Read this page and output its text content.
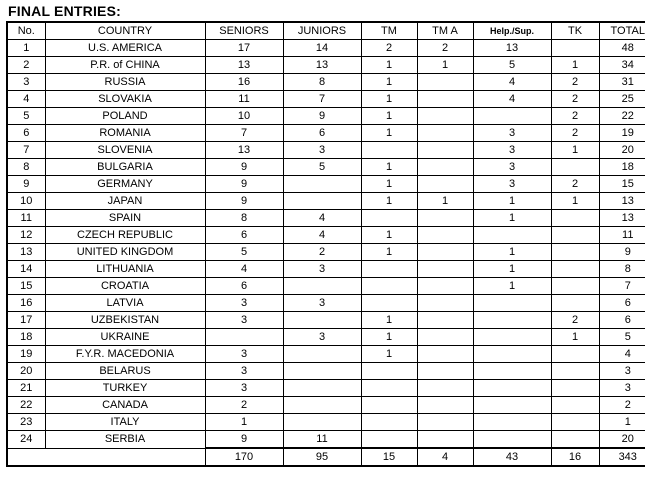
FINAL ENTRIES:
No.	COUNTRY	SENIORS	JUNIORS	TM	TM A	Help./Sup.	TK	TOTAL
1	U.S. AMERICA	17	14	2	2	13		48
2	P.R. of CHINA	13	13	1	1	5	1	34
3	RUSSIA	16	8	1		4	2	31
4	SLOVAKIA	11	7	1		4	2	25
5	POLAND	10	9	1			2	22
6	ROMANIA	7	6	1		3	2	19
7	SLOVENIA	13	3			3	1	20
8	BULGARIA	9	5	1		3		18
9	GERMANY	9		1		3	2	15
10	JAPAN	9		1	1	1	1	13
11	SPAIN	8	4			1		13
12	CZECH REPUBLIC	6	4	1				11
13	UNITED KINGDOM	5	2	1		1		9
14	LITHUANIA	4	3			1		8
15	CROATIA	6				1		7
16	LATVIA	3	3					6
17	UZBEKISTAN	3		1			2	6
18	UKRAINE		3	1			1	5
19	F.Y.R. MACEDONIA	3		1				4
20	BELARUS	3						3
21	TURKEY	3						3
22	CANADA	2						2
23	ITALY	1						1
24	SERBIA	9	11					20
		170	95	15	4	43	16	343
